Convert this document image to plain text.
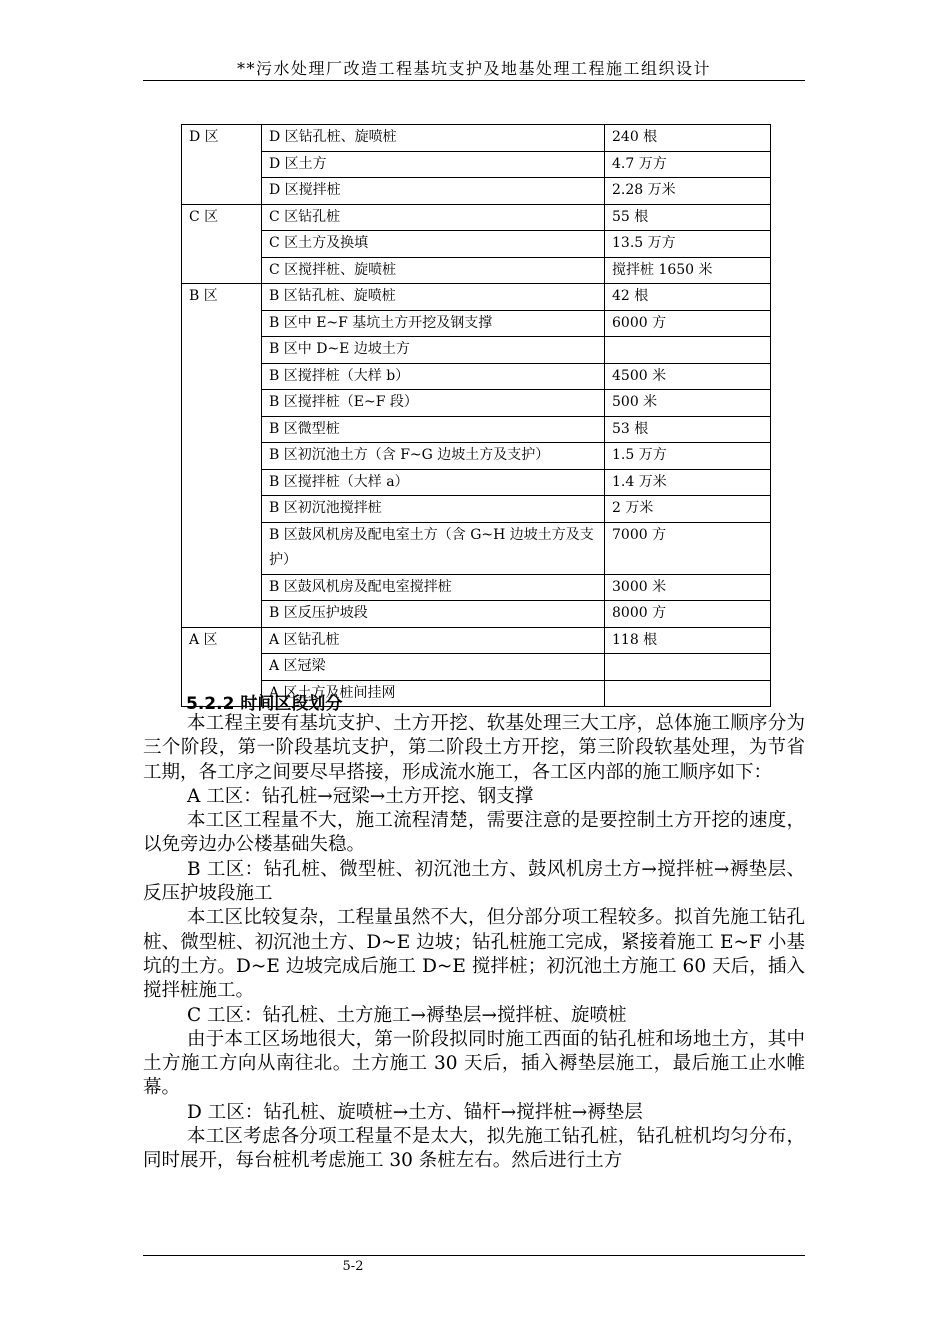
**污水处理厂改造工程基坑支护及地基处理工程施工组织设计
D 区	D 区钻孔桩、旋喷桩	240 根
	D 区土方	4.7 万方
	D 区搅拌桩	2.28 万米
C 区	C 区钻孔桩	55 根
	C 区土方及换填	13.5 万方
	C 区搅拌桩、旋喷桩	搅拌桩 1650 米
B 区	B 区钻孔桩、旋喷桩	42 根
	B 区中 E~F 基坑土方开挖及钢支撑	6000 方
	B 区中 D~E 边坡土方	
	B 区搅拌桩（大样 b）	4500 米
	B 区搅拌桩（E~F 段）	500 米
	B 区微型桩	53 根
	B 区初沉池土方（含 F~G 边坡土方及支护）	1.5 万方
	B 区搅拌桩（大样 a）	1.4 万米
	B 区初沉池搅拌桩	2 万米
	B 区鼓风机房及配电室土方（含 G~H 边坡土方及支护）	7000 方
	B 区鼓风机房及配电室搅拌桩	3000 米
	B 区反压护坡段	8000 方
A 区	A 区钻孔桩	118 根
	A 区冠梁	
	A 区土方及桩间挂网	
5.2.2 时间区段划分

本工程主要有基坑支护、土方开挖、软基处理三大工序，总体施工顺序分为三个阶段，第一阶段基坑支护，第二阶段土方开挖，第三阶段软基处理，为节省工期，各工序之间要尽早搭接，形成流水施工，各工区内部的施工顺序如下：

A 工区：钻孔桩→冠梁→土方开挖、钢支撑

本工区工程量不大，施工流程清楚，需要注意的是要控制土方开挖的速度，以免旁边办公楼基础失稳。

B 工区：钻孔桩、微型桩、初沉池土方、鼓风机房土方→搅拌桩→褥垫层、反压护坡段施工

本工区比较复杂，工程量虽然不大，但分部分项工程较多。拟首先施工钻孔桩、微型桩、初沉池土方、D~E 边坡；钻孔桩施工完成，紧接着施工 E~F 小基坑的土方。D~E 边坡完成后施工 D~E 搅拌桩；初沉池土方施工 60 天后，插入搅拌桩施工。

C 工区：钻孔桩、土方施工→褥垫层→搅拌桩、旋喷桩

由于本工区场地很大，第一阶段拟同时施工西面的钻孔桩和场地土方，其中土方施工方向从南往北。土方施工 30 天后，插入褥垫层施工，最后施工止水帷幕。

D 工区：钻孔桩、旋喷桩→土方、锚杆→搅拌桩→褥垫层

本工区考虑各分项工程量不是太大，拟先施工钻孔桩，钻孔桩机均匀分布，同时展开，每台桩机考虑施工 30 条桩左右。然后进行土方

5-2
